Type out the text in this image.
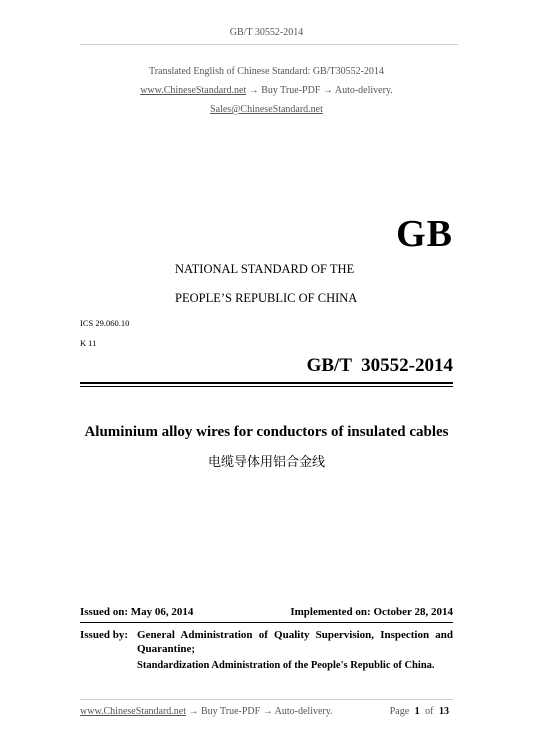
GB/T 30552-2014
Translated English of Chinese Standard: GB/T30552-2014
www.ChineseStandard.net → Buy True-PDF → Auto-delivery.
Sales@ChineseStandard.net
GB
NATIONAL STANDARD OF THE
PEOPLE’S REPUBLIC OF CHINA
ICS 29.060.10
K 11
GB/T  30552-2014
Aluminium alloy wires for conductors of insulated cables
电缆导体用铝合金线
Issued on: May 06, 2014	Implemented on: October 28, 2014
Issued by: General Administration of Quality Supervision, Inspection and
Quarantine;
Standardization Administration of the People's Republic of China.
www.ChineseStandard.net → Buy True-PDF → Auto-delivery.	Page 1 of 13
